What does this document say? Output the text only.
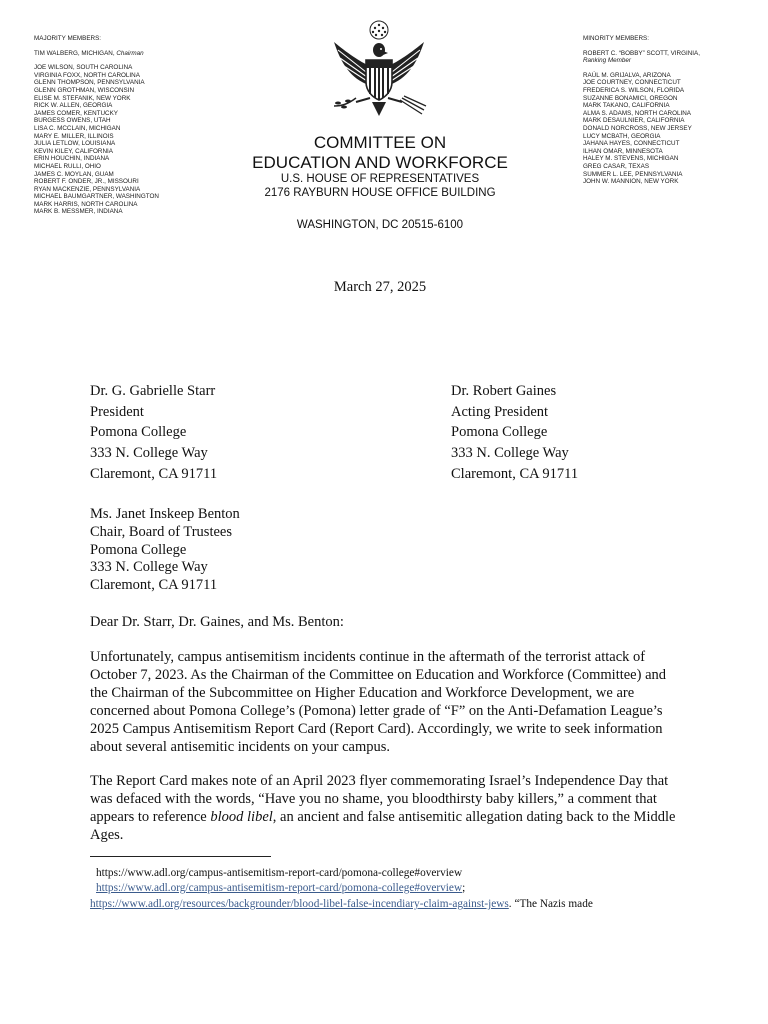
MAJORITY MEMBERS:
TIM WALBERG, MICHIGAN, Chairman
JOE WILSON, SOUTH CAROLINA
VIRGINIA FOXX, NORTH CAROLINA
GLENN THOMPSON, PENNSYLVANIA
GLENN GROTHMAN, WISCONSIN
ELISE M. STEFANIK, NEW YORK
RICK W. ALLEN, GEORGIA
JAMES COMER, KENTUCKY
BURGESS OWENS, UTAH
LISA C. MCCLAIN, MICHIGAN
MARY E. MILLER, ILLINOIS
JULIA LETLOW, LOUISIANA
KEVIN KILEY, CALIFORNIA
ERIN HOUCHIN, INDIANA
MICHAEL RULLI, OHIO
JAMES C. MOYLAN, GUAM
ROBERT F. ONDER, JR., MISSOURI
RYAN MACKENZIE, PENNSYLVANIA
MICHAEL BAUMGARTNER, WASHINGTON
MARK HARRIS, NORTH CAROLINA
MARK B. MESSMER, INDIANA
MINORITY MEMBERS:
ROBERT C. “BOBBY” SCOTT, VIRGINIA,
Ranking Member
RAÚL M. GRIJALVA, ARIZONA
JOE COURTNEY, CONNECTICUT
FREDERICA S. WILSON, FLORIDA
SUZANNE BONAMICI, OREGON
MARK TAKANO, CALIFORNIA
ALMA S. ADAMS, NORTH CAROLINA
MARK DESAULNIER, CALIFORNIA
DONALD NORCROSS, NEW JERSEY
LUCY MCBATH, GEORGIA
JAHANA HAYES, CONNECTICUT
ILHAN OMAR, MINNESOTA
HALEY M. STEVENS, MICHIGAN
GREG CASAR, TEXAS
SUMMER L. LEE, PENNSYLVANIA
JOHN W. MANNION, NEW YORK
COMMITTEE ON
EDUCATION AND WORKFORCE
U.S. HOUSE OF REPRESENTATIVES
2176 RAYBURN HOUSE OFFICE BUILDING
WASHINGTON, DC 20515-6100
March 27, 2025
Dr. G. Gabrielle Starr
President
Pomona College
333 N. College Way
Claremont, CA 91711
Dr. Robert Gaines
Acting President
Pomona College
333 N. College Way
Claremont, CA 91711
Ms. Janet Inskeep Benton
Chair, Board of Trustees
Pomona College
333 N. College Way
Claremont, CA 91711
Dear Dr. Starr, Dr. Gaines, and Ms. Benton:
Unfortunately, campus antisemitism incidents continue in the aftermath of the terrorist attack of October 7, 2023. As the Chairman of the Committee on Education and Workforce (Committee) and the Chairman of the Subcommittee on Higher Education and Workforce Development, we are concerned about Pomona College’s (Pomona) letter grade of “F” on the Anti-Defamation League’s 2025 Campus Antisemitism Report Card (Report Card). Accordingly, we write to seek information about several antisemitic incidents on your campus.
The Report Card makes note of an April 2023 flyer commemorating Israel’s Independence Day that was defaced with the words, “Have you no shame, you bloodthirsty baby killers,” a comment that appears to reference blood libel, an ancient and false antisemitic allegation dating back to the Middle Ages.
https://www.adl.org/campus-antisemitism-report-card/pomona-college#overview
https://www.adl.org/campus-antisemitism-report-card/pomona-college#overview;
https://www.adl.org/resources/backgrounder/blood-libel-false-incendiary-claim-against-jews. “The Nazis made
